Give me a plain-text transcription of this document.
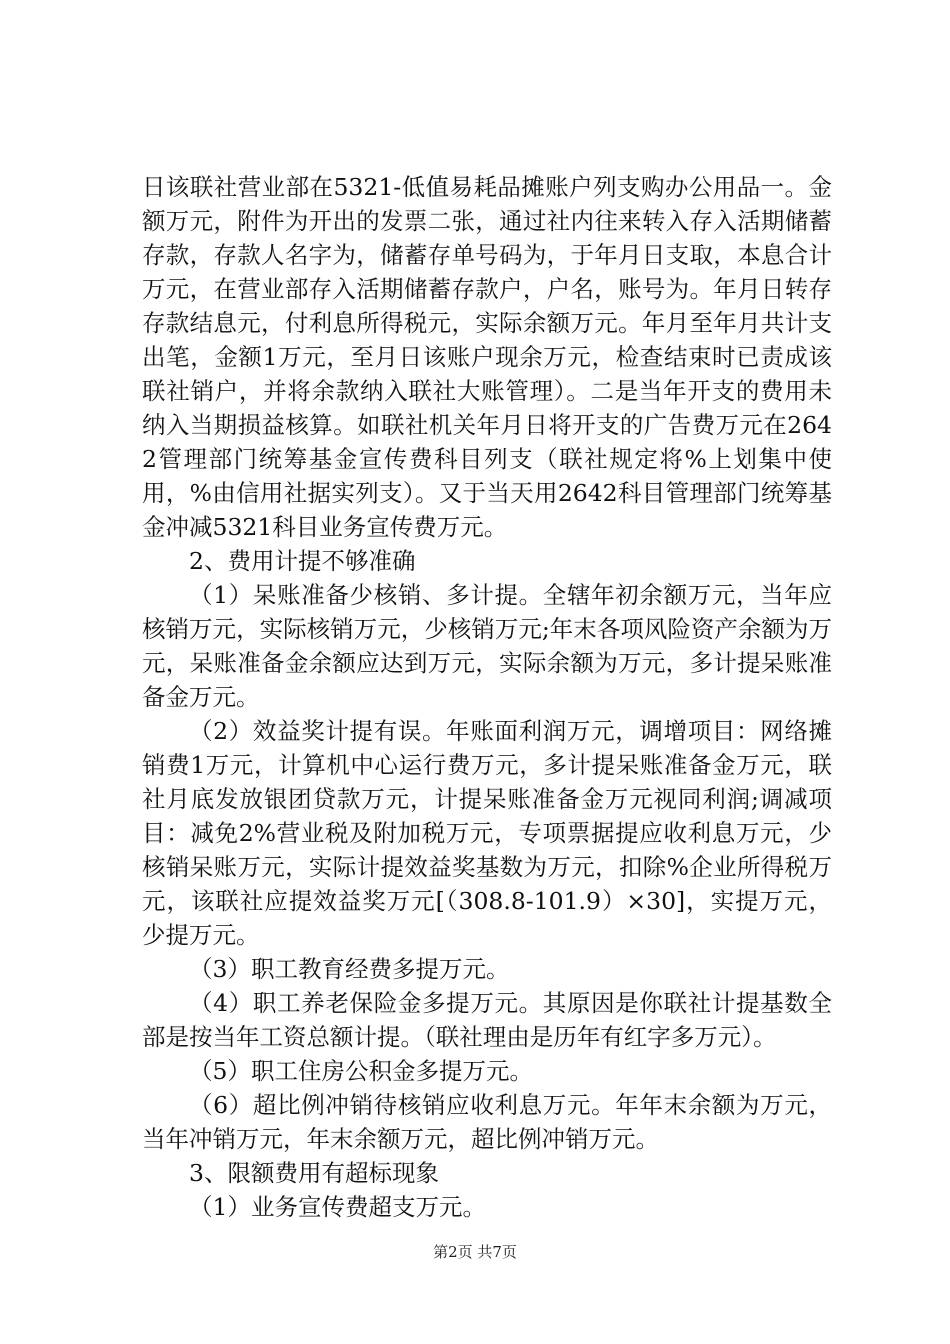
日该联社营业部在5321-低值易耗品摊账户列支购办公用品一。金额万元，附件为开出的发票二张，通过社内往来转入存入活期储蓄存款，存款人名字为，储蓄存单号码为，于年月日支取，本息合计万元，在营业部存入活期储蓄存款户，户名，账号为。年月日转存存款结息元，付利息所得税元，实际余额万元。年月至年月共计支出笔，金额1万元，至月日该账户现余万元，检查结束时已责成该联社销户，并将余款纳入联社大账管理）。二是当年开支的费用未纳入当期损益核算。如联社机关年月日将开支的广告费万元在2642管理部门统筹基金宣传费科目列支（联社规定将%上划集中使用，%由信用社据实列支）。又于当天用2642科目管理部门统筹基金冲减5321科目业务宣传费万元。

2、费用计提不够准确

（1）呆账准备少核销、多计提。全辖年初余额万元，当年应核销万元，实际核销万元，少核销万元;年末各项风险资产余额为万元，呆账准备金余额应达到万元，实际余额为万元，多计提呆账准备金万元。

（2）效益奖计提有误。年账面利润万元，调增项目：网络摊销费1万元，计算机中心运行费万元，多计提呆账准备金万元，联社月底发放银团贷款万元，计提呆账准备金万元视同利润;调减项目：减免2%营业税及附加税万元，专项票据提应收利息万元，少核销呆账万元，实际计提效益奖基数为万元，扣除%企业所得税万元，该联社应提效益奖万元[（308.8-101.9）×30]，实提万元，少提万元。

（3）职工教育经费多提万元。

（4）职工养老保险金多提万元。其原因是你联社计提基数全部是按当年工资总额计提。（联社理由是历年有红字多万元）。

（5）职工住房公积金多提万元。

（6）超比例冲销待核销应收利息万元。年年末余额为万元，当年冲销万元，年末余额万元，超比例冲销万元。

3、限额费用有超标现象

（1）业务宣传费超支万元。

第2页 共7页
